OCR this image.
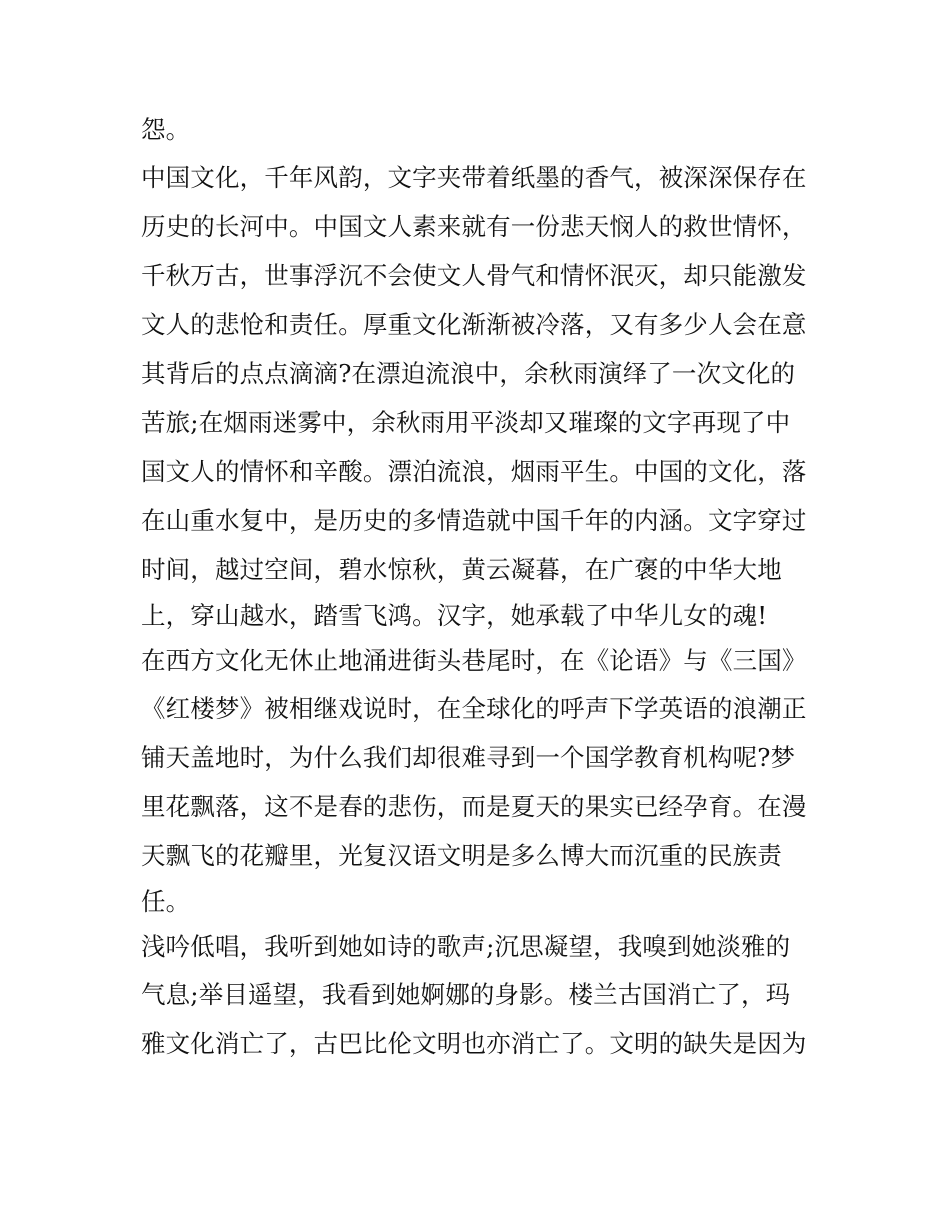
怨。
中国文化，千年风韵，文字夹带着纸墨的香气，被深深保存在
历史的长河中。中国文人素来就有一份悲天悯人的救世情怀，
千秋万古，世事浮沉不会使文人骨气和情怀泯灭，却只能激发
文人的悲怆和责任。厚重文化渐渐被冷落，又有多少人会在意
其背后的点点滴滴?在漂迫流浪中，余秋雨演绎了一次文化的
苦旅;在烟雨迷雾中，余秋雨用平淡却又璀璨的文字再现了中
国文人的情怀和辛酸。漂泊流浪，烟雨平生。中国的文化，落
在山重水复中，是历史的多情造就中国千年的内涵。文字穿过
时间，越过空间，碧水惊秋，黄云凝暮，在广褒的中华大地
上，穿山越水，踏雪飞鸿。汉字，她承载了中华儿女的魂!
在西方文化无休止地涌进街头巷尾时，在《论语》与《三国》
《红楼梦》被相继戏说时，在全球化的呼声下学英语的浪潮正
铺天盖地时，为什么我们却很难寻到一个国学教育机构呢?梦
里花飘落，这不是春的悲伤，而是夏天的果实已经孕育。在漫
天飘飞的花瓣里，光复汉语文明是多么博大而沉重的民族责
任。
浅吟低唱，我听到她如诗的歌声;沉思凝望，我嗅到她淡雅的
气息;举目遥望，我看到她婀娜的身影。楼兰古国消亡了，玛
雅文化消亡了，古巴比伦文明也亦消亡了。文明的缺失是因为
